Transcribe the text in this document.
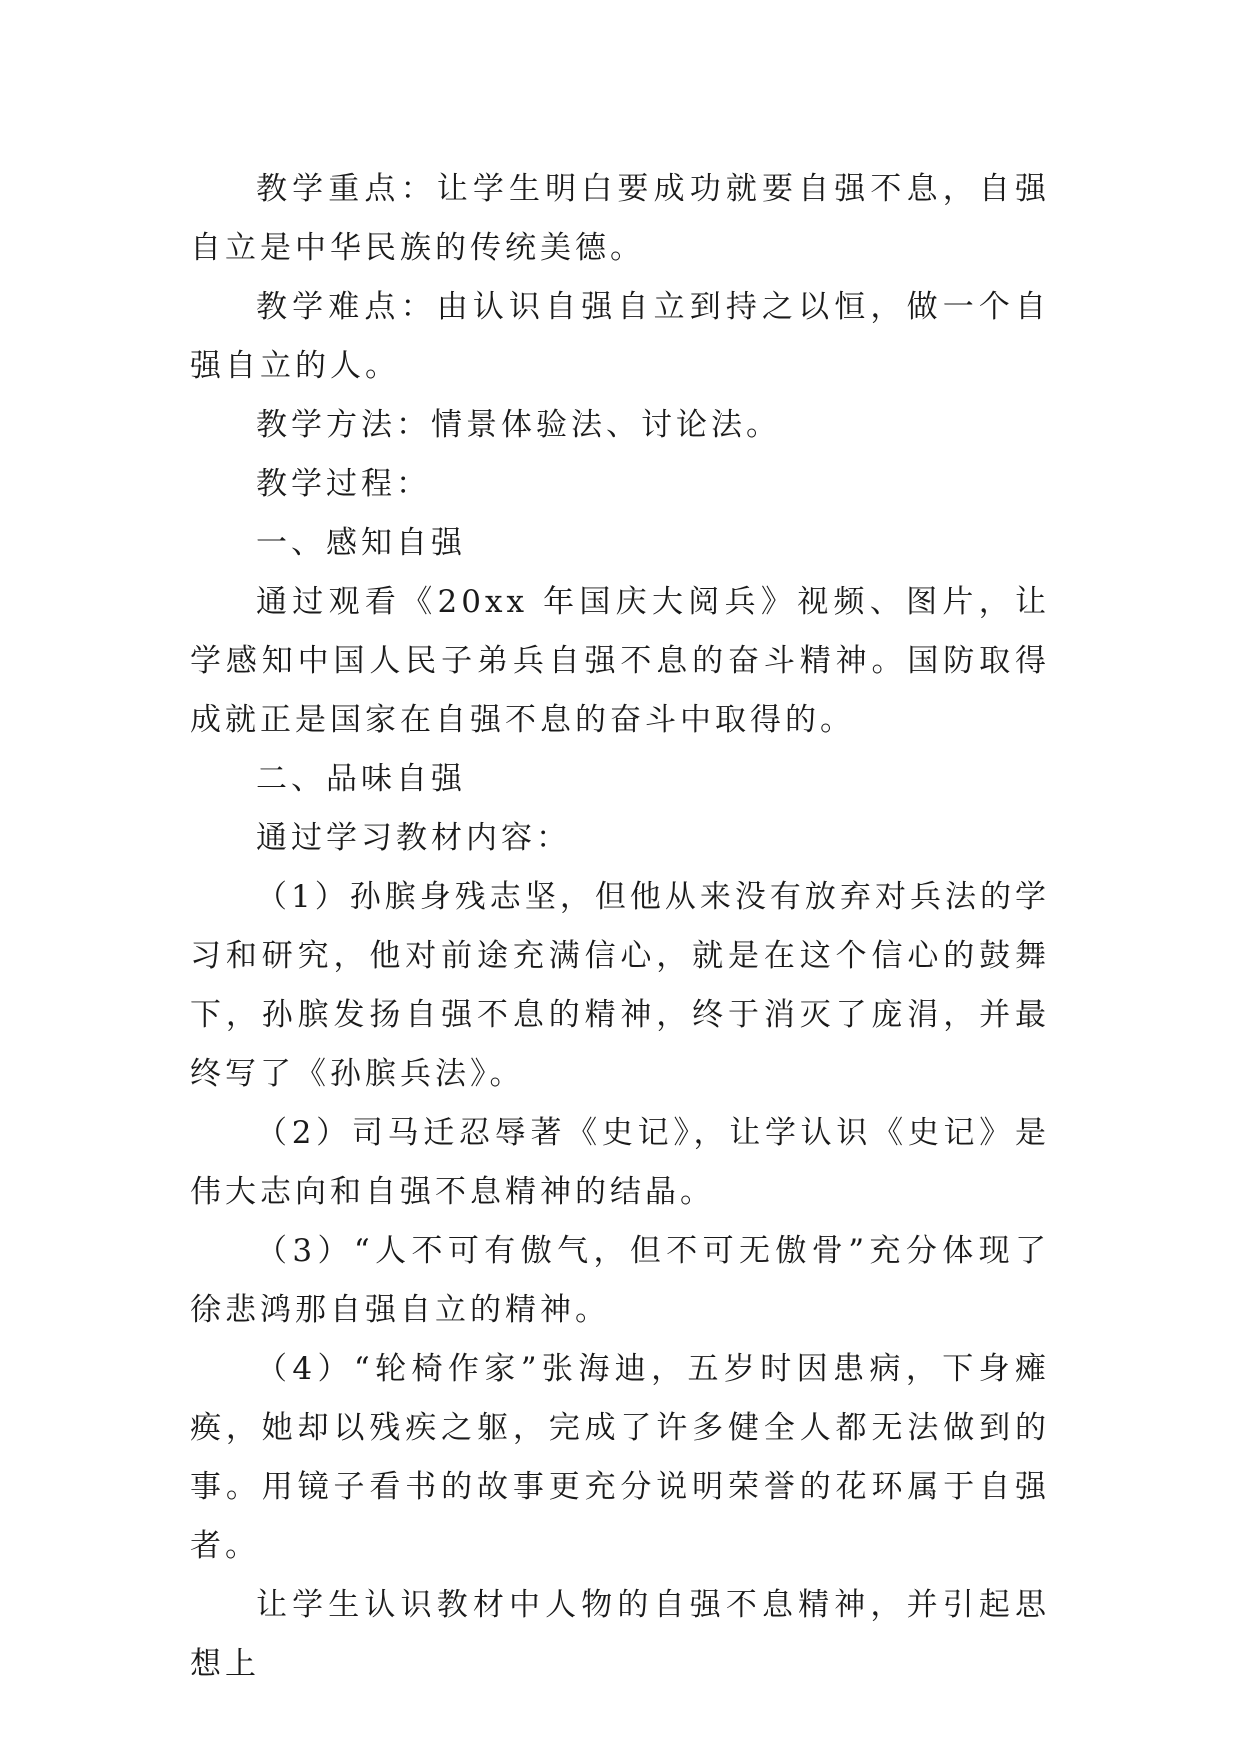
教学重点：让学生明白要成功就要自强不息，自强自立是中华民族的传统美德。

教学难点：由认识自强自立到持之以恒，做一个自强自立的人。

教学方法：情景体验法、讨论法。

教学过程：

一、感知自强

通过观看《20xx 年国庆大阅兵》视频、图片，让学感知中国人民子弟兵自强不息的奋斗精神。国防取得成就正是国家在自强不息的奋斗中取得的。

二、品味自强

通过学习教材内容：

（1）孙膑身残志坚，但他从来没有放弃对兵法的学习和研究，他对前途充满信心，就是在这个信心的鼓舞下，孙膑发扬自强不息的精神，终于消灭了庞涓，并最终写了《孙膑兵法》。

（2）司马迁忍辱著《史记》，让学认识《史记》是伟大志向和自强不息精神的结晶。

（3）“人不可有傲气，但不可无傲骨”充分体现了徐悲鸿那自强自立的精神。

（4）“轮椅作家”张海迪，五岁时因患病，下身瘫痪，她却以残疾之躯，完成了许多健全人都无法做到的事。用镜子看书的故事更充分说明荣誉的花环属于自强者。

让学生认识教材中人物的自强不息精神，并引起思想上
